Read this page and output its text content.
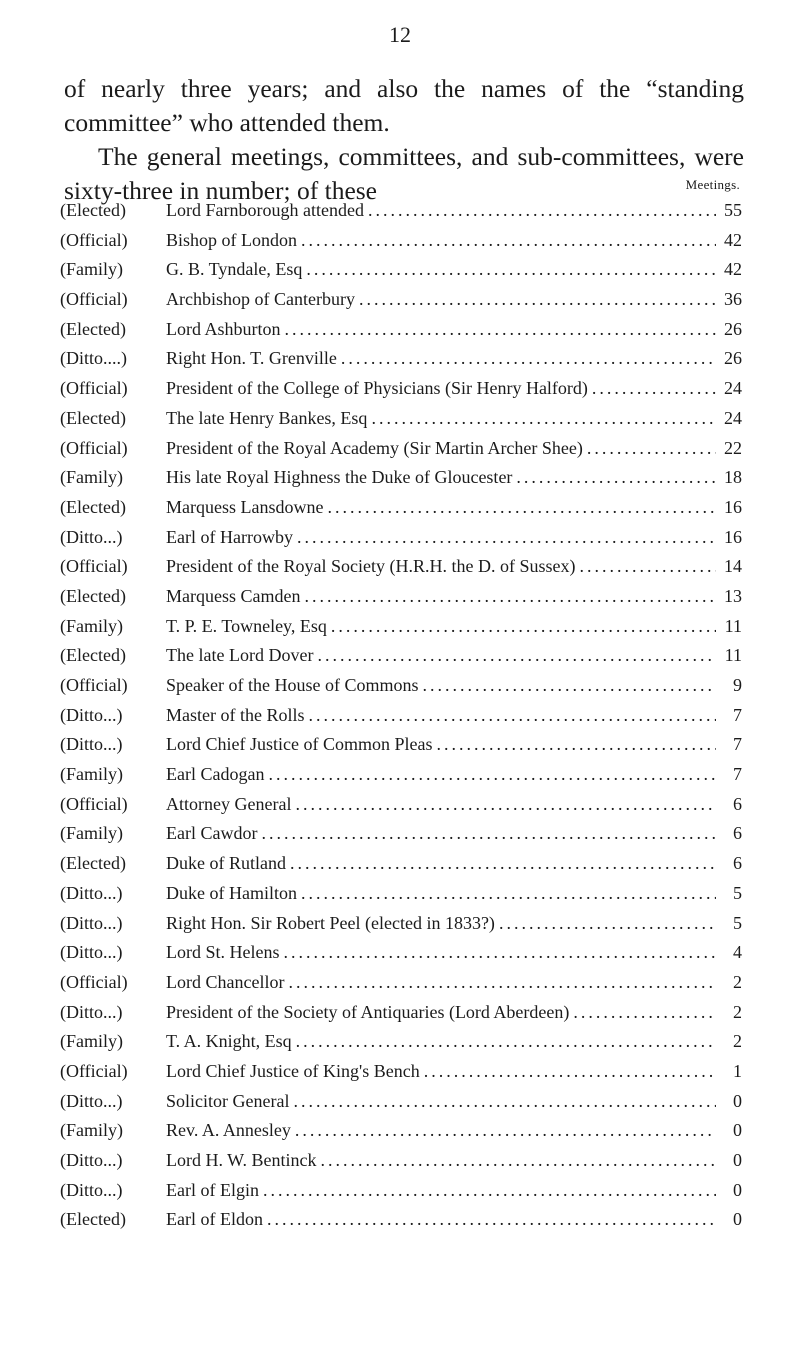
12

of nearly three years; and also the names of the “standing committee” who attended them.

The general meetings, committees, and sub-committees, were sixty-three in number; of these	Meetings.
(Elected)	Lord Farnborough attended .....	55
(Official)	Bishop of London .....	42
(Family)	G. B. Tyndale, Esq .....	42
(Official)	Archbishop of Canterbury .....	36
(Elected)	Lord Ashburton .....	26
(Ditto....)	Right Hon. T. Grenville .....	26
(Official)	President of the College of Physicians (Sir Henry Halford) .....	24
(Elected)	The late Henry Bankes, Esq .....	24
(Official)	President of the Royal Academy (Sir Martin Archer Shee) .....	22
(Family)	His late Royal Highness the Duke of Gloucester .....	18
(Elected)	Marquess Lansdowne .....	16
(Ditto...)	Earl of Harrowby .....	16
(Official)	President of the Royal Society (H.R.H. the D. of Sussex) .....	14
(Elected)	Marquess Camden .....	13
(Family)	T. P. E. Towneley, Esq .....	11
(Elected)	The late Lord Dover .....	11
(Official)	Speaker of the House of Commons .....	9
(Ditto...)	Master of the Rolls .....	7
(Ditto...)	Lord Chief Justice of Common Pleas .....	7
(Family)	Earl Cadogan .....	7
(Official)	Attorney General .....	6
(Family)	Earl Cawdor .....	6
(Elected)	Duke of Rutland .....	6
(Ditto...)	Duke of Hamilton .....	5
(Ditto...)	Right Hon. Sir Robert Peel (elected in 1833?) .....	5
(Ditto...)	Lord St. Helens .....	4
(Official)	Lord Chancellor .....	2
(Ditto...)	President of the Society of Antiquaries (Lord Aberdeen) .....	2
(Family)	T. A. Knight, Esq .....	2
(Official)	Lord Chief Justice of King's Bench .....	1
(Ditto...)	Solicitor General .....	0
(Family)	Rev. A. Annesley .....	0
(Ditto...)	Lord H. W. Bentinck .....	0
(Ditto...)	Earl of Elgin .....	0
(Elected)	Earl of Eldon .....	0
